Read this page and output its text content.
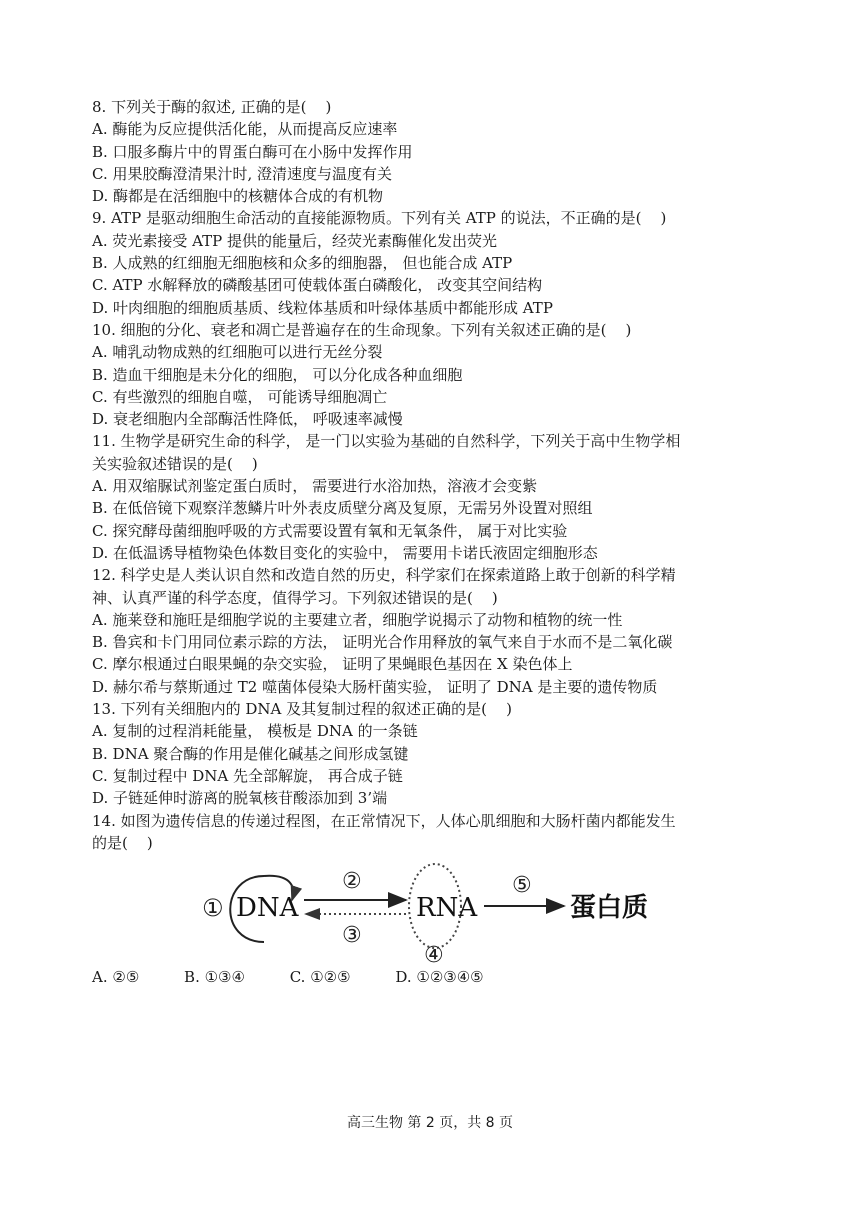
8. 下列关于酶的叙述, 正确的是(    )
A. 酶能为反应提供活化能，从而提高反应速率
B. 口服多酶片中的胃蛋白酶可在小肠中发挥作用
C. 用果胶酶澄清果汁时, 澄清速度与温度有关
D. 酶都是在活细胞中的核糖体合成的有机物
9. ATP 是驱动细胞生命活动的直接能源物质。下列有关 ATP 的说法，不正确的是(    )
A. 荧光素接受 ATP 提供的能量后，经荧光素酶催化发出荧光
B. 人成熟的红细胞无细胞核和众多的细胞器， 但也能合成 ATP
C. ATP 水解释放的磷酸基团可使载体蛋白磷酸化， 改变其空间结构
D. 叶肉细胞的细胞质基质、线粒体基质和叶绿体基质中都能形成 ATP
10. 细胞的分化、衰老和凋亡是普遍存在的生命现象。下列有关叙述正确的是(    )
A. 哺乳动物成熟的红细胞可以进行无丝分裂
B. 造血干细胞是未分化的细胞， 可以分化成各种血细胞
C. 有些激烈的细胞自噬， 可能诱导细胞凋亡
D. 衰老细胞内全部酶活性降低， 呼吸速率减慢
11. 生物学是研究生命的科学， 是一门以实验为基础的自然科学，下列关于高中生物学相
关实验叙述错误的是(    )
A. 用双缩脲试剂鉴定蛋白质时， 需要进行水浴加热，溶液才会变紫
B. 在低倍镜下观察洋葱鳞片叶外表皮质壁分离及复原，无需另外设置对照组
C. 探究酵母菌细胞呼吸的方式需要设置有氧和无氧条件， 属于对比实验
D. 在低温诱导植物染色体数目变化的实验中， 需要用卡诺氏液固定细胞形态
12. 科学史是人类认识自然和改造自然的历史，科学家们在探索道路上敢于创新的科学精
神、认真严谨的科学态度，值得学习。下列叙述错误的是(    )
A. 施莱登和施旺是细胞学说的主要建立者，细胞学说揭示了动物和植物的统一性
B. 鲁宾和卡门用同位素示踪的方法， 证明光合作用释放的氧气来自于水而不是二氧化碳
C. 摩尔根通过白眼果蝇的杂交实验， 证明了果蝇眼色基因在 X 染色体上
D. 赫尔希与蔡斯通过 T2 噬菌体侵染大肠杆菌实验， 证明了 DNA 是主要的遗传物质
13. 下列有关细胞内的 DNA 及其复制过程的叙述正确的是(    )
A. 复制的过程消耗能量， 模板是 DNA 的一条链
B. DNA 聚合酶的作用是催化碱基之间形成氢键
C. 复制过程中 DNA 先全部解旋， 再合成子链
D. 子链延伸时游离的脱氧核苷酸添加到 3’端
14. 如图为遗传信息的传递过程图，在正常情况下，人体心肌细胞和大肠杆菌内都能发生
的是(    )
① DNA
②
③
RNA
④
⑤
蛋白质
A. ②⑤	B. ①③④	C. ①②⑤	D. ①②③④⑤
高三生物 第 2 页，共 8 页
